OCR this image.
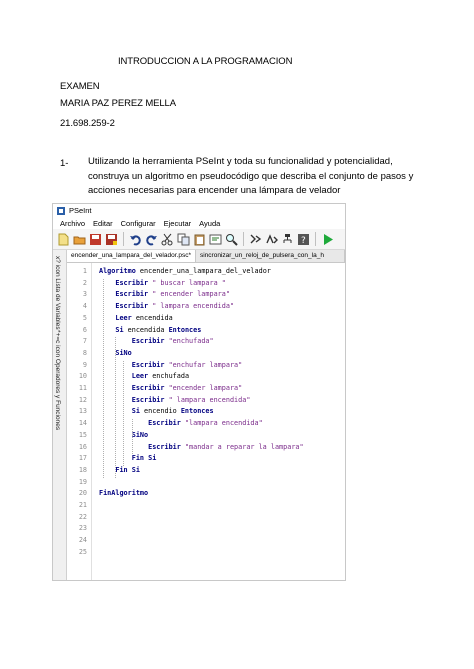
INTRODUCCION A LA PROGRAMACION
EXAMEN
MARIA PAZ PEREZ MELLA
21.698.259-2
1- Utilizando la herramienta PSeInt y toda su funcionalidad y potencialidad, construya un algoritmo en pseudocódigo que describa el conjunto de pasos y acciones necesarias para encender una lámpara de velador
PSeInt
Archivo Editar Configurar Ejecutar Ayuda
?
x? icon Lista de Variables
*+=c icon Operadores y Funciones
encender_una_lampara_del_velador.psc*	sincronizar_un_reloj_de_pulsera_con_la_h
1
2
3
4
5
6
7
8
9
10
11
12
13
14
15
16
17
18
19
20
21
22
23
24
25
Algoritmo encender_una_lampara_del_velador
Escribir " buscar lampara "
Escribir " encender lampara"
Escribir " lampara encendida"
Leer encendida
Si encendida Entonces
Escribir "enchufada"
SiNo
Escribir "enchufar lampara"
Leer enchufada
Escribir "encender lampara"
Escribir " lampara encendida"
Si encendio Entonces
Escribir "lampara encendida"
SiNo
Escribir "mandar a reparar la lampara"
Fin Si
Fin Si
FinAlgoritmo
